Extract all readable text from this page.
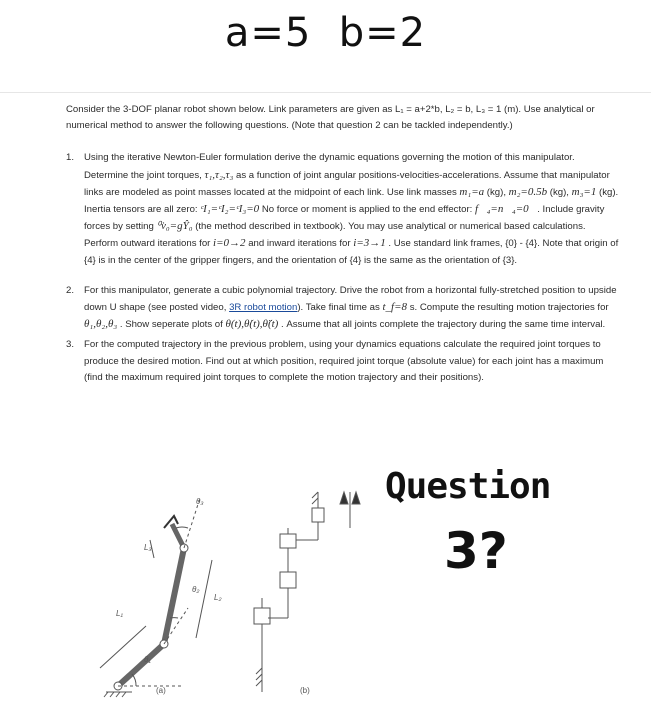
a=5  b=2

Consider the 3-DOF planar robot shown below. Link parameters are given as L₁ = a+2*b, L₂ = b, L₃ = 1 (m). Use analytical or numerical method to answer the following questions. (Note that question 2 can be tackled independently.)

1. Using the iterative Newton-Euler formulation derive the dynamic equations governing the motion of this manipulator. Determine the joint torques, τ₁,τ₂,τ₃ as a function of joint angular positions-velocities-accelerations. Assume that manipulator links are modeled as point masses located at the midpoint of each link. Use link masses m₁=a (kg), m₂=0.5b (kg), m₃=1 (kg). Inertia tensors are all zero: ᶜI₁=ᶜI₂=ᶜI₃=0 No force or moment is applied to the end effector: f⃗₄=n⃗₄=0⃗. Include gravity forces by setting ⁰v̇₀=gŶ₀ (the method described in textbook). You may use analytical or numerical based calculations. Perform outward iterations for i=0→2 and inward iterations for i=3→1 . Use standard link frames, {0} - {4}. Note that origin of {4} is in the center of the gripper fingers, and the orientation of {4} is the same as the orientation of {3}.

2. For this manipulator, generate a cubic polynomial trajectory. Drive the robot from a horizontal fully-stretched position to upside down U shape (see posted video, 3R robot motion). Take final time as t_f=8 s. Compute the resulting motion trajectories for θ₁,θ₂,θ₃ . Show seperate plots of θ(t),θ̇(t),θ̈(t) . Assume that all joints complete the trajectory during the same time interval.

3. For the computed trajectory in the previous problem, using your dynamics equations calculate the required joint torques to produce the desired motion. Find out at which position, required joint torque (absolute value) for each joint has a maximum (find the maximum required joint torques to complete the motion trajectory and their positions).

L₁
L₂
L₃
θ₁
θ₂
θ₃
(a)	(b)
Question
3?
